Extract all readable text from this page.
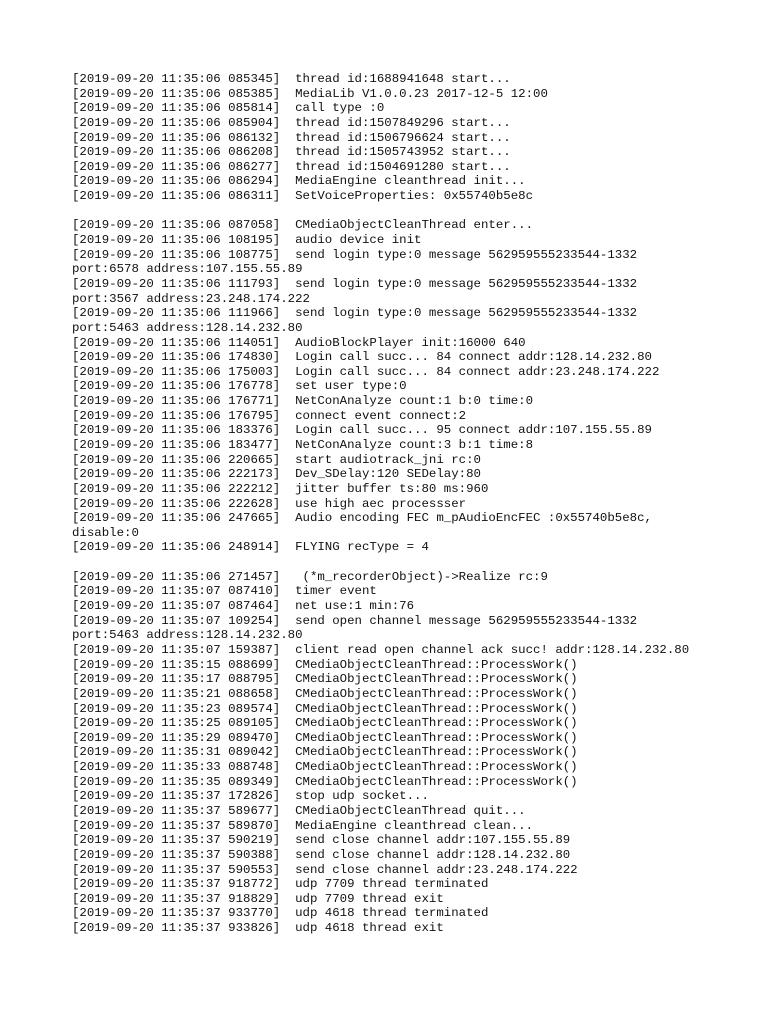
[2019-09-20 11:35:06 085345]  thread id:1688941648 start...
[2019-09-20 11:35:06 085385]  MediaLib V1.0.0.23 2017-12-5 12:00
[2019-09-20 11:35:06 085814]  call type :0
[2019-09-20 11:35:06 085904]  thread id:1507849296 start...
[2019-09-20 11:35:06 086132]  thread id:1506796624 start...
[2019-09-20 11:35:06 086208]  thread id:1505743952 start...
[2019-09-20 11:35:06 086277]  thread id:1504691280 start...
[2019-09-20 11:35:06 086294]  MediaEngine cleanthread init...
[2019-09-20 11:35:06 086311]  SetVoiceProperties: 0x55740b5e8c
[2019-09-20 11:35:06 087058]  CMediaObjectCleanThread enter...
[2019-09-20 11:35:06 108195]  audio device init
[2019-09-20 11:35:06 108775]  send login type:0 message 562959555233544-1332
port:6578 address:107.155.55.89
[2019-09-20 11:35:06 111793]  send login type:0 message 562959555233544-1332
port:3567 address:23.248.174.222
[2019-09-20 11:35:06 111966]  send login type:0 message 562959555233544-1332
port:5463 address:128.14.232.80
[2019-09-20 11:35:06 114051]  AudioBlockPlayer init:16000 640
[2019-09-20 11:35:06 174830]  Login call succ... 84 connect addr:128.14.232.80
[2019-09-20 11:35:06 175003]  Login call succ... 84 connect addr:23.248.174.222
[2019-09-20 11:35:06 176778]  set user type:0
[2019-09-20 11:35:06 176771]  NetConAnalyze count:1 b:0 time:0
[2019-09-20 11:35:06 176795]  connect event connect:2
[2019-09-20 11:35:06 183376]  Login call succ... 95 connect addr:107.155.55.89
[2019-09-20 11:35:06 183477]  NetConAnalyze count:3 b:1 time:8
[2019-09-20 11:35:06 220665]  start audiotrack_jni rc:0
[2019-09-20 11:35:06 222173]  Dev_SDelay:120 SEDelay:80
[2019-09-20 11:35:06 222212]  jitter buffer ts:80 ms:960
[2019-09-20 11:35:06 222628]  use high aec processser
[2019-09-20 11:35:06 247665]  Audio encoding FEC m_pAudioEncFEC :0x55740b5e8c,
disable:0
[2019-09-20 11:35:06 248914]  FLYING recType = 4
[2019-09-20 11:35:06 271457]   (*m_recorderObject)->Realize rc:9
[2019-09-20 11:35:07 087410]  timer event
[2019-09-20 11:35:07 087464]  net use:1 min:76
[2019-09-20 11:35:07 109254]  send open channel message 562959555233544-1332
port:5463 address:128.14.232.80
[2019-09-20 11:35:07 159387]  client read open channel ack succ! addr:128.14.232.80
[2019-09-20 11:35:15 088699]  CMediaObjectCleanThread::ProcessWork()
[2019-09-20 11:35:17 088795]  CMediaObjectCleanThread::ProcessWork()
[2019-09-20 11:35:21 088658]  CMediaObjectCleanThread::ProcessWork()
[2019-09-20 11:35:23 089574]  CMediaObjectCleanThread::ProcessWork()
[2019-09-20 11:35:25 089105]  CMediaObjectCleanThread::ProcessWork()
[2019-09-20 11:35:29 089470]  CMediaObjectCleanThread::ProcessWork()
[2019-09-20 11:35:31 089042]  CMediaObjectCleanThread::ProcessWork()
[2019-09-20 11:35:33 088748]  CMediaObjectCleanThread::ProcessWork()
[2019-09-20 11:35:35 089349]  CMediaObjectCleanThread::ProcessWork()
[2019-09-20 11:35:37 172826]  stop udp socket...
[2019-09-20 11:35:37 589677]  CMediaObjectCleanThread quit...
[2019-09-20 11:35:37 589870]  MediaEngine cleanthread clean...
[2019-09-20 11:35:37 590219]  send close channel addr:107.155.55.89
[2019-09-20 11:35:37 590388]  send close channel addr:128.14.232.80
[2019-09-20 11:35:37 590553]  send close channel addr:23.248.174.222
[2019-09-20 11:35:37 918772]  udp 7709 thread terminated
[2019-09-20 11:35:37 918829]  udp 7709 thread exit
[2019-09-20 11:35:37 933770]  udp 4618 thread terminated
[2019-09-20 11:35:37 933826]  udp 4618 thread exit
